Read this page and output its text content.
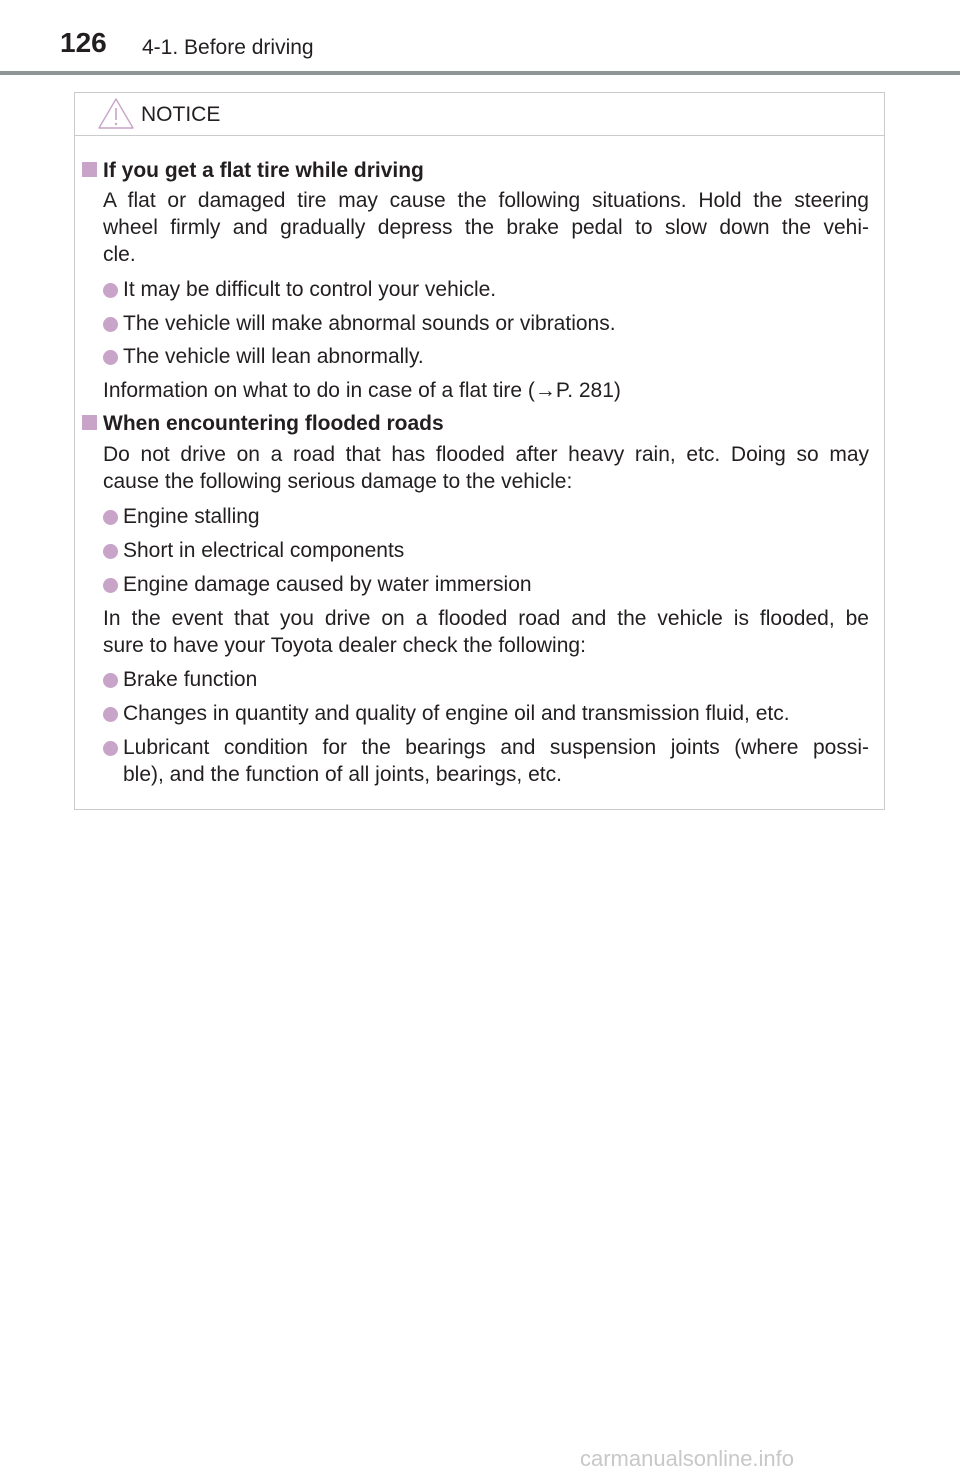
126 4-1. Before driving
NOTICE
If you get a flat tire while driving
A flat or damaged tire may cause the following situations. Hold the steering
wheel firmly and gradually depress the brake pedal to slow down the vehi-
cle.
It may be difficult to control your vehicle.
The vehicle will make abnormal sounds or vibrations.
The vehicle will lean abnormally.
Information on what to do in case of a flat tire (→P. 281)
When encountering flooded roads
Do not drive on a road that has flooded after heavy rain, etc. Doing so may
cause the following serious damage to the vehicle:
Engine stalling
Short in electrical components
Engine damage caused by water immersion
In the event that you drive on a flooded road and the vehicle is flooded, be
sure to have your Toyota dealer check the following:
Brake function
Changes in quantity and quality of engine oil and transmission fluid, etc.
Lubricant condition for the bearings and suspension joints (where possi-
ble), and the function of all joints, bearings, etc.
carmanualsonline.info
